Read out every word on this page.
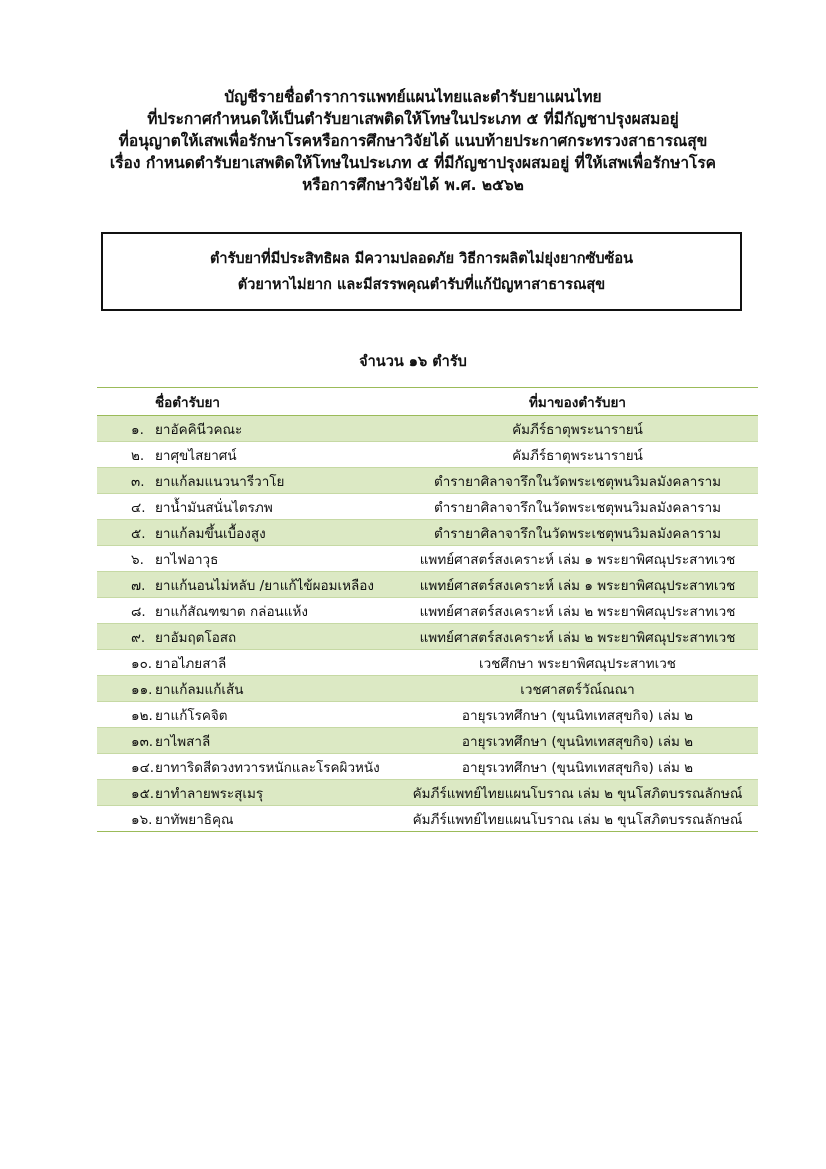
บัญชีรายชื่อตำราการแพทย์แผนไทยและตำรับยาแผนไทย
ที่ประกาศกำหนดให้เป็นตำรับยาเสพติดให้โทษในประเภท ๕ ที่มีกัญชาปรุงผสมอยู่
ที่อนุญาตให้เสพเพื่อรักษาโรคหรือการศึกษาวิจัยได้ แนบท้ายประกาศกระทรวงสาธารณสุข
เรื่อง กำหนดตำรับยาเสพติดให้โทษในประเภท ๕ ที่มีกัญชาปรุงผสมอยู่ ที่ให้เสพเพื่อรักษาโรค
หรือการศึกษาวิจัยได้ พ.ศ. ๒๕๖๒
ตำรับยาที่มีประสิทธิผล มีความปลอดภัย วิธีการผลิตไม่ยุ่งยากซับซ้อน
ตัวยาหาไม่ยาก และมีสรรพคุณตำรับที่แก้ปัญหาสาธารณสุข
จำนวน ๑๖ ตำรับ
ชื่อตำรับยา	ที่มาของตำรับยา
๑. ยาอัคคินีวคณะ	คัมภีร์ธาตุพระนารายน์
๒. ยาศุขไสยาศน์	คัมภีร์ธาตุพระนารายน์
๓. ยาแก้ลมแนวนารีวาโย	ตำรายาศิลาจารึกในวัดพระเชตุพนวิมลมังคลาราม
๔. ยาน้ำมันสนั่นไตรภพ	ตำรายาศิลาจารึกในวัดพระเชตุพนวิมลมังคลาราม
๕. ยาแก้ลมขึ้นเบื้องสูง	ตำรายาศิลาจารึกในวัดพระเชตุพนวิมลมังคลาราม
๖. ยาไฟอาวุธ	แพทย์ศาสตร์สงเคราะห์ เล่ม ๑ พระยาพิศณุประสาทเวช
๗. ยาแก้นอนไม่หลับ /ยาแก้ไข้ผอมเหลือง	แพทย์ศาสตร์สงเคราะห์ เล่ม ๑ พระยาพิศณุประสาทเวช
๘. ยาแก้สัณฑฆาต กล่อนแห้ง	แพทย์ศาสตร์สงเคราะห์ เล่ม ๒ พระยาพิศณุประสาทเวช
๙. ยาอัมฤตโอสถ	แพทย์ศาสตร์สงเคราะห์ เล่ม ๒ พระยาพิศณุประสาทเวช
๑๐. ยาอไภยสาลี	เวชศึกษา พระยาพิศณุประสาทเวช
๑๑. ยาแก้ลมแก้เส้น	เวชศาสตร์วัณ์ณณา
๑๒. ยาแก้โรคจิต	อายุรเวทศึกษา (ขุนนิทเทสสุขกิจ) เล่ม ๒
๑๓. ยาไพสาลี	อายุรเวทศึกษา (ขุนนิทเทสสุขกิจ) เล่ม ๒
๑๔.ยาทาริดสีดวงทวารหนักและโรคผิวหนัง	อายุรเวทศึกษา (ขุนนิทเทสสุขกิจ) เล่ม ๒
๑๕.ยาทำลายพระสุเมรุ	คัมภีร์แพทย์ไทยแผนโบราณ เล่ม ๒ ขุนโสภิตบรรณลักษณ์
๑๖. ยาทัพยาธิคุณ	คัมภีร์แพทย์ไทยแผนโบราณ เล่ม ๒ ขุนโสภิตบรรณลักษณ์
